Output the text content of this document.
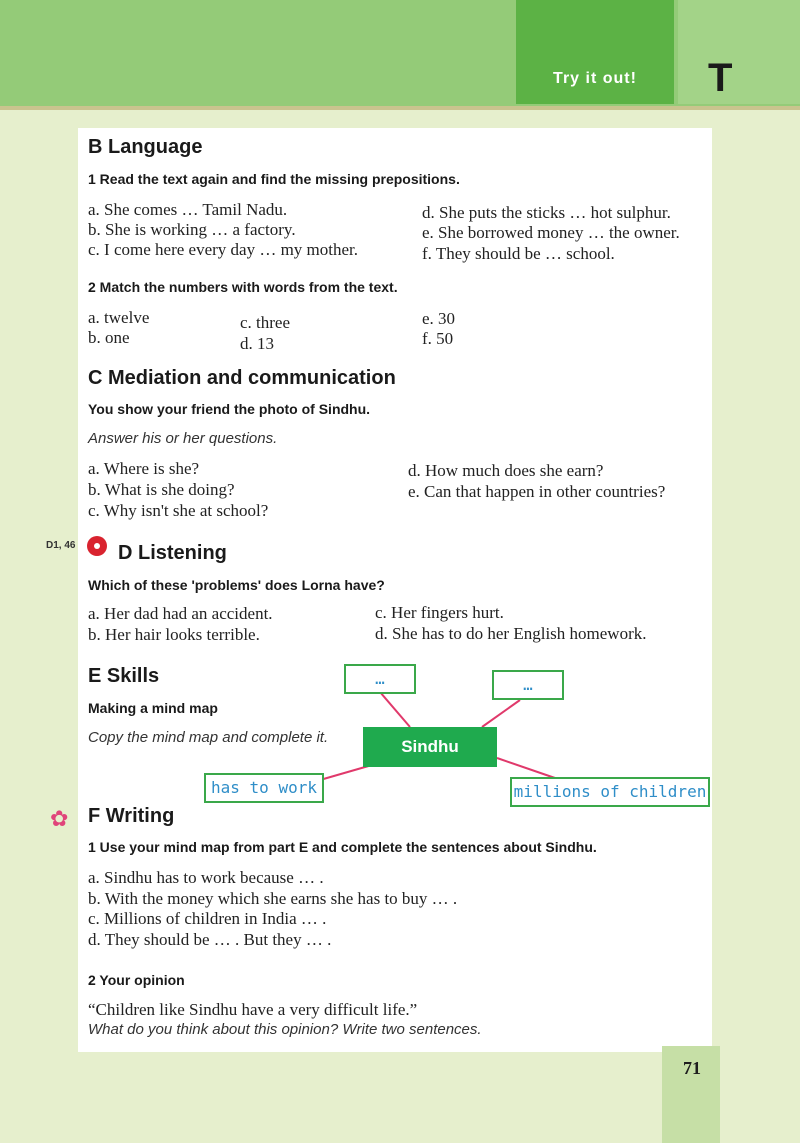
Try it out!	T
B Language
1 Read the text again and find the missing prepositions.
a. She comes … Tamil Nadu.
b. She is working … a factory.
c. I come here every day … my mother.
d. She puts the sticks … hot sulphur.
e. She borrowed money … the owner.
f. They should be … school.
2 Match the numbers with words from the text.
a. twelve
b. one
c. three
d. 13
e. 30
f. 50
C Mediation and communication
You show your friend the photo of Sindhu.
Answer his or her questions.
a. Where is she?
b. What is she doing?
c. Why isn't she at school?
d. How much does she earn?
e. Can that happen in other countries?
D1, 46 D Listening
Which of these 'problems' does Lorna have?
a. Her dad had an accident.
b. Her hair looks terrible.
c. Her fingers hurt.
d. She has to do her English homework.
E Skills
Making a mind map
Copy the mind map and complete it.
…	…
Sindhu
has to work	millions of children
✿ F Writing
1 Use your mind map from part E and complete the sentences about Sindhu.
a. Sindhu has to work because … .
b. With the money which she earns she has to buy … .
c. Millions of children in India … .
d. They should be … . But they … .
2 Your opinion
“Children like Sindhu have a very difficult life.”
What do you think about this opinion? Write two sentences.
71
